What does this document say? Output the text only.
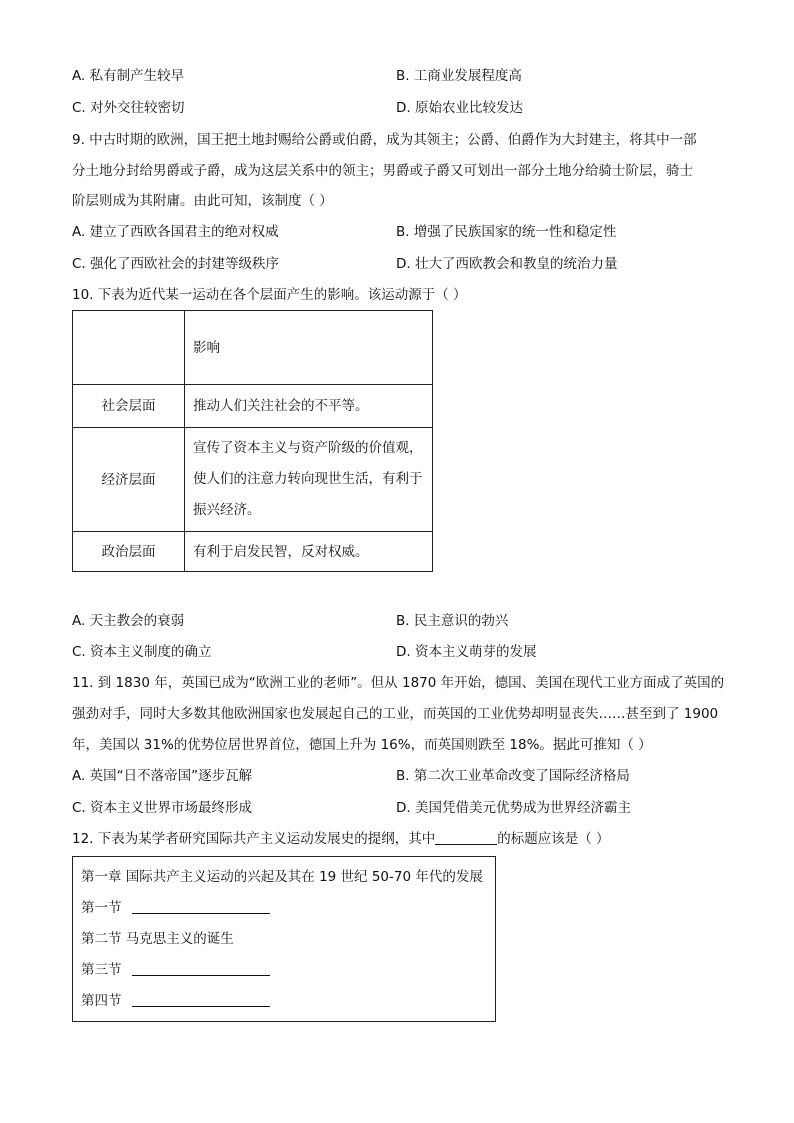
A. 私有制产生较早	B. 工商业发展程度高
C. 对外交往较密切	D. 原始农业比较发达
9. 中古时期的欧洲，国王把土地封赐给公爵或伯爵，成为其领主；公爵、伯爵作为大封建主，将其中一部
分土地分封给男爵或子爵，成为这层关系中的领主；男爵或子爵又可划出一部分土地分给骑士阶层，骑士
阶层则成为其附庸。由此可知，该制度（ ）
A. 建立了西欧各国君主的绝对权威	B. 增强了民族国家的统一性和稳定性
C. 强化了西欧社会的封建等级秩序	D. 壮大了西欧教会和教皇的统治力量
10. 下表为近代某一运动在各个层面产生的影响。该运动源于（ ）
	影响
社会层面	推动人们关注社会的不平等。

经济层面	宣传了资本主义与资产阶级的价值观，
使人们的注意力转向现世生活，有利于
振兴经济。

政治层面	有利于启发民智，反对权威。
A. 天主教会的衰弱	B. 民主意识的勃兴
C. 资本主义制度的确立	D. 资本主义萌芽的发展
11. 到 1830 年，英国已成为“欧洲工业的老师”。但从 1870 年开始，德国、美国在现代工业方面成了英国的
强劲对手，同时大多数其他欧洲国家也发展起自己的工业，而英国的工业优势却明显丧失……甚至到了 1900
年，美国以 31%的优势位居世界首位，德国上升为 16%，而英国则跌至 18%。据此可推知（ ）
A. 英国“日不落帝国”逐步瓦解	B. 第二次工业革命改变了国际经济格局
C. 资本主义世界市场最终形成	D. 美国凭借美元优势成为世界经济霸主
12. 下表为某学者研究国际共产主义运动发展史的提纲，其中	的标题应该是（ ）
第一章 国际共产主义运动的兴起及其在 19 世纪 50-70 年代的发展
第一节
第二节 马克思主义的诞生
第三节
第四节
